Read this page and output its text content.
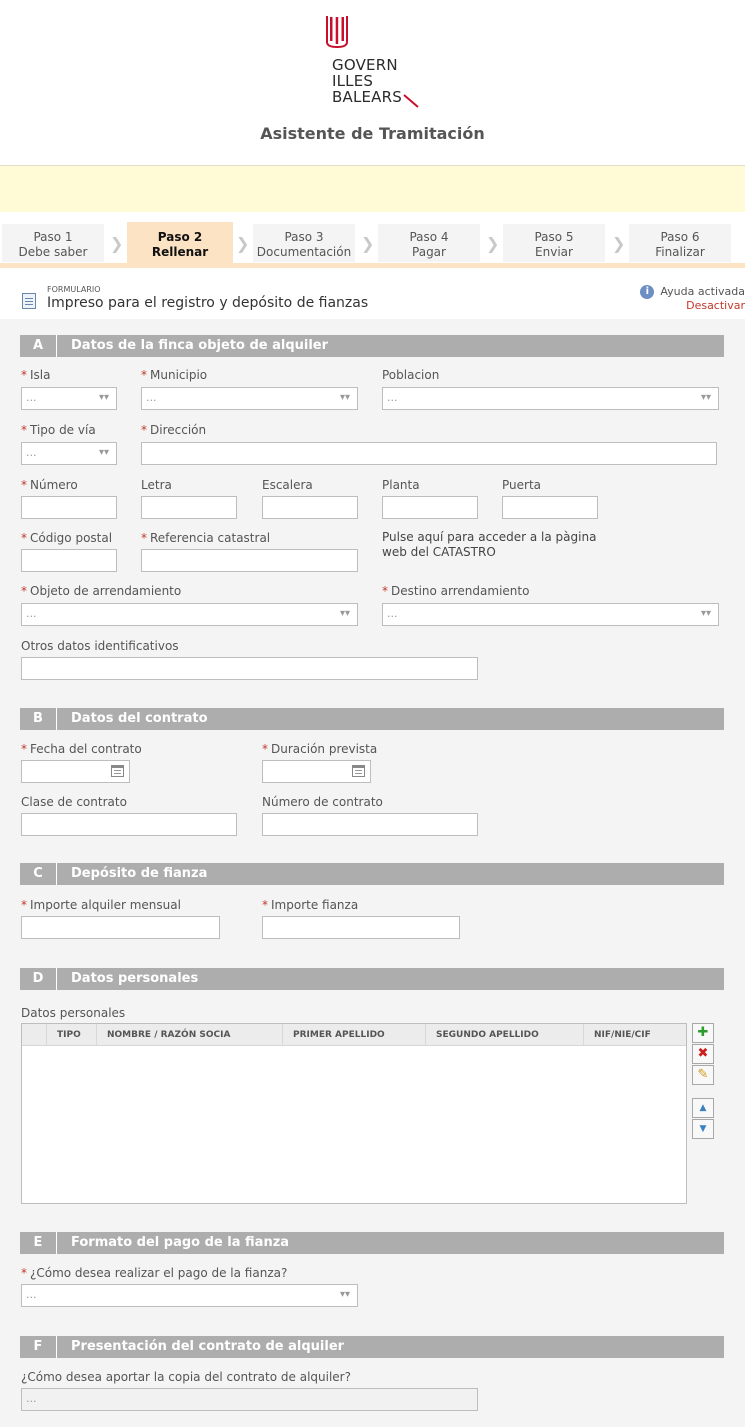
GOVERN
ILLES
BALEARS
Asistente de Tramitación
Paso 1
Debe saber	❯	Paso 2
Rellenar	❯	Paso 3
Documentación ❯	Paso 4
Pagar	❯	Paso 5
Enviar	❯	Paso 6
Finalizar
FORMULARIO
Impreso para el registro y depósito de fianzas
i Ayuda activada
Desactivar
A	Datos de la finca objeto de alquiler
* Isla
...	▾▾
* Municipio
...	▾▾
Poblacion
...	▾▾
* Tipo de vía
...	▾▾
* Dirección
* Número	Letra	Escalera	Planta	Puerta
* Código postal * Referencia catastral	Pulse aquí para acceder a la pàgina
web del CATASTRO
* Objeto de arrendamiento
...	▾▾
* Destino arrendamiento
...	▾▾
Otros datos identificativos
B	Datos del contrato
* Fecha del contrato	* Duración prevista
Clase de contrato	Número de contrato
C	Depósito de fianza
* Importe alquiler mensual	* Importe fianza
D	Datos personales
Datos personales
TIPO	NOMBRE / RAZÓN SOCIA	PRIMER APELLIDO	SEGUNDO APELLIDO	NIF/NIE/CIF	✚
✖
✎
▲
▼
E	Formato del pago de la fianza
* ¿Cómo desea realizar el pago de la fianza?
...	▾▾
F	Presentación del contrato de alquiler
¿Cómo desea aportar la copia del contrato de alquiler?
...
